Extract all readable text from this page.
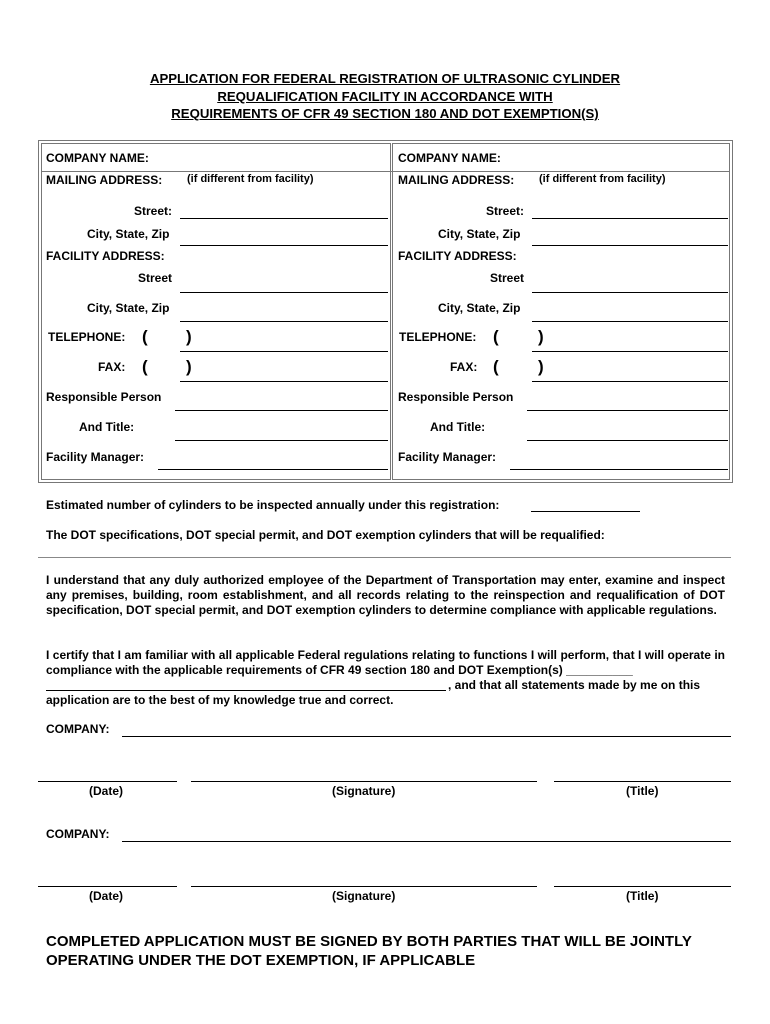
APPLICATION FOR FEDERAL REGISTRATION OF ULTRASONIC CYLINDER
REQUALIFICATION FACILITY IN ACCORDANCE WITH
REQUIREMENTS OF CFR 49 SECTION 180 AND DOT EXEMPTION(S)
COMPANY NAME:
MAILING ADDRESS: (if different from facility)
Street:
City, State, Zip
FACILITY ADDRESS:
Street
City, State, Zip
TELEPHONE: ( )
FAX: ( )
Responsible Person
And Title:
Facility Manager:
COMPANY NAME:
MAILING ADDRESS: (if different from facility)
Street:
City, State, Zip
FACILITY ADDRESS:
Street
City, State, Zip
TELEPHONE: ( )
FAX: ( )
Responsible Person
And Title:
Facility Manager:
Estimated number of cylinders to be inspected annually under this registration:
The DOT specifications, DOT special permit, and DOT exemption cylinders that will be requalified:
I understand that any duly authorized employee of the Department of Transportation may enter, examine and inspect any premises, building, room establishment, and all records relating to the reinspection and requalification of DOT specification, DOT special permit, and DOT exemption cylinders to determine compliance with applicable regulations.
I certify that I am familiar with all applicable Federal regulations relating to functions I will perform, that I will operate in compliance with the applicable requirements of CFR 49 section 180 and DOT Exemption(s) __________
, and that all statements made by me on this
application are to the best of my knowledge true and correct.
COMPANY:
(Date)	(Signature)	(Title)
COMPANY:
(Date)	(Signature)	(Title)
COMPLETED APPLICATION MUST BE SIGNED BY BOTH PARTIES THAT WILL BE JOINTLY
OPERATING UNDER THE DOT EXEMPTION, IF APPLICABLE
